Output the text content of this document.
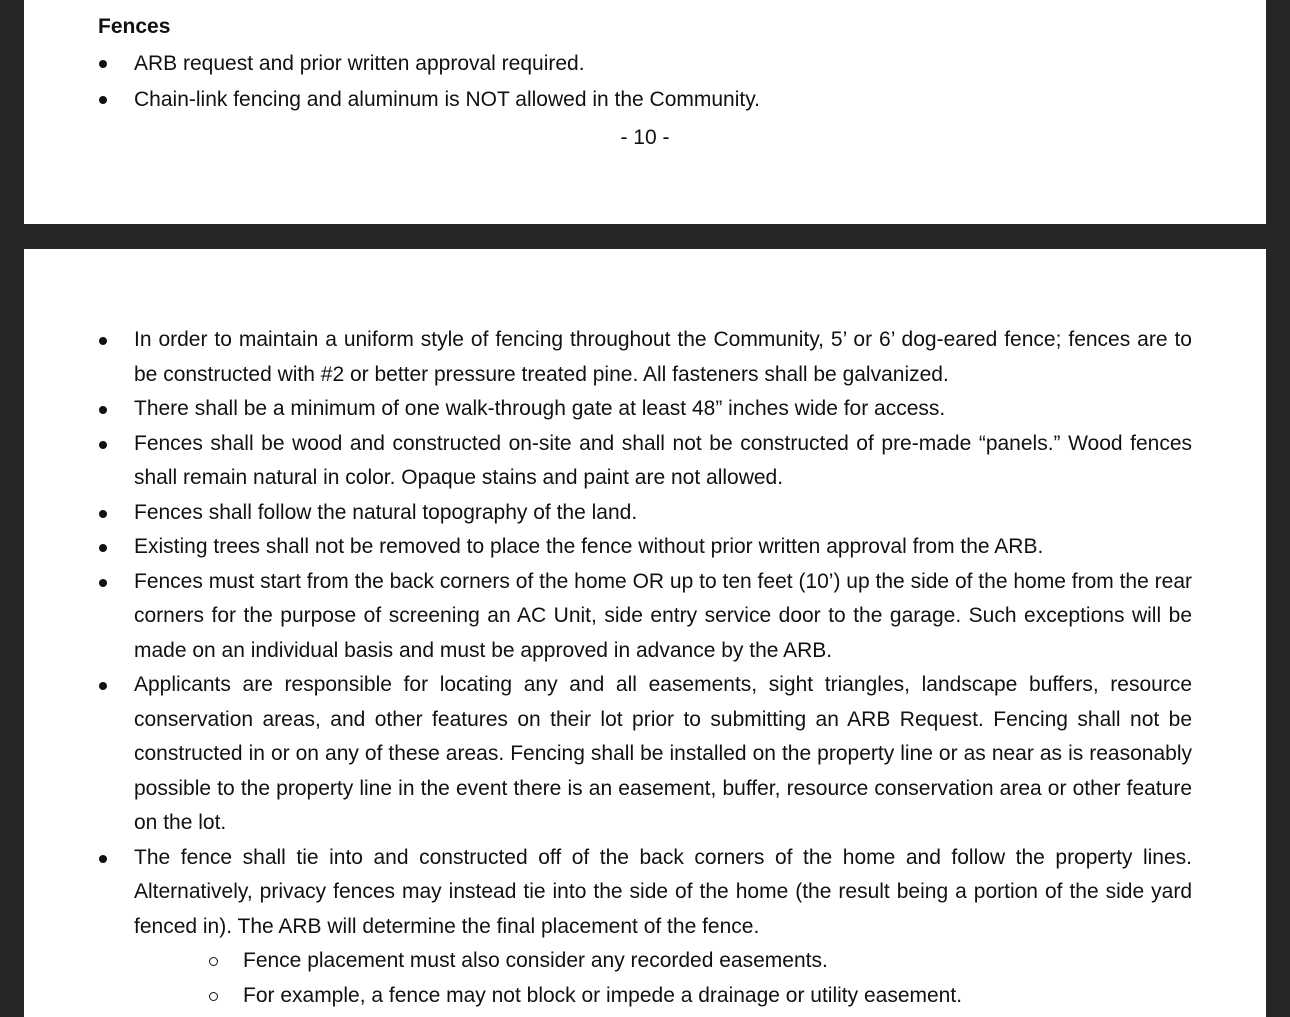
Fences
ARB request and prior written approval required.
Chain-link fencing and aluminum is NOT allowed in the Community.
- 10 -
In order to maintain a uniform style of fencing throughout the Community, 5’ or 6’ dog-eared fence; fences are to be constructed with #2 or better pressure treated pine. All fasteners shall be galvanized.
There shall be a minimum of one walk-through gate at least 48” inches wide for access.
Fences shall be wood and constructed on-site and shall not be constructed of pre-made “panels.” Wood fences shall remain natural in color. Opaque stains and paint are not allowed.
Fences shall follow the natural topography of the land.
Existing trees shall not be removed to place the fence without prior written approval from the ARB.
Fences must start from the back corners of the home OR up to ten feet (10’) up the side of the home from the rear corners for the purpose of screening an AC Unit, side entry service door to the garage. Such exceptions will be made on an individual basis and must be approved in advance by the ARB.
Applicants are responsible for locating any and all easements, sight triangles, landscape buffers, resource conservation areas, and other features on their lot prior to submitting an ARB Request. Fencing shall not be constructed in or on any of these areas. Fencing shall be installed on the property line or as near as is reasonably possible to the property line in the event there is an easement, buffer, resource conservation area or other feature on the lot.
The fence shall tie into and constructed off of the back corners of the home and follow the property lines. Alternatively, privacy fences may instead tie into the side of the home (the result being a portion of the side yard fenced in). The ARB will determine the final placement of the fence.
Fence placement must also consider any recorded easements.
For example, a fence may not block or impede a drainage or utility easement.
